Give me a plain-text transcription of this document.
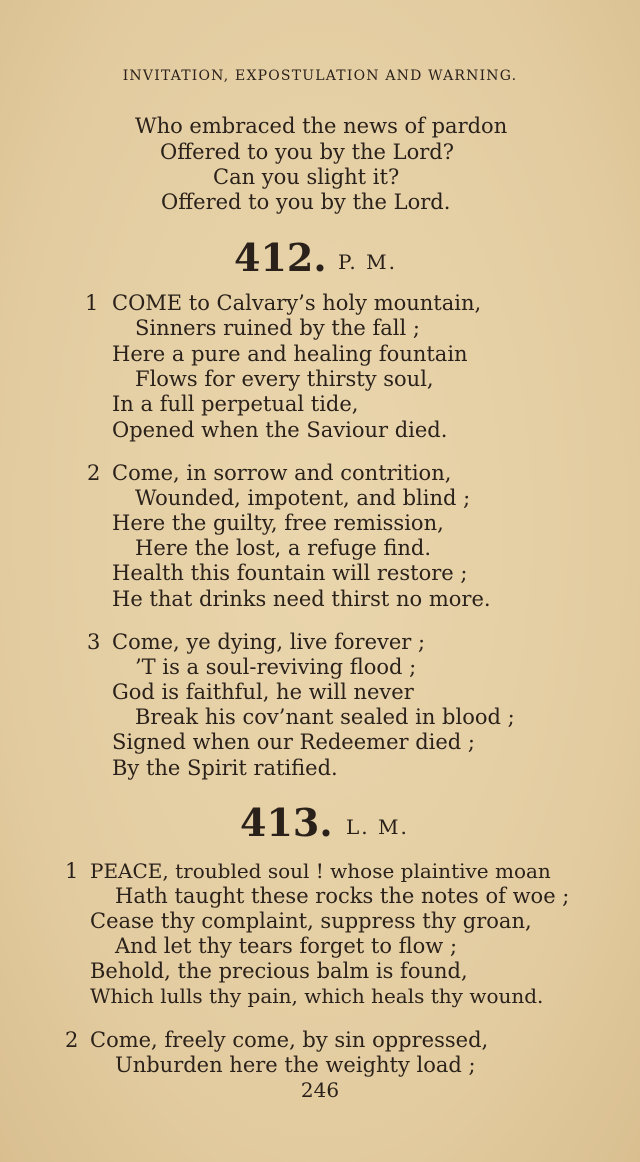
INVITATION, EXPOSTULATION AND WARNING.
Who embraced the news of pardon
Offered to you by the Lord?
Can you slight it?
Offered to you by the Lord.
412. P. M.
1 COME to Calvary’s holy mountain,
Sinners ruined by the fall ;
Here a pure and healing fountain
Flows for every thirsty soul,
In a full perpetual tide,
Opened when the Saviour died.
2 Come, in sorrow and contrition,
Wounded, impotent, and blind ;
Here the guilty, free remission,
Here the lost, a refuge find.
Health this fountain will restore ;
He that drinks need thirst no more.
3 Come, ye dying, live forever ;
’T is a soul-reviving flood ;
God is faithful, he will never
Break his cov’nant sealed in blood ;
Signed when our Redeemer died ;
By the Spirit ratified.
413. L. M.
1 PEACE, troubled soul ! whose plaintive moan
Hath taught these rocks the notes of woe ;
Cease thy complaint, suppress thy groan,
And let thy tears forget to flow ;
Behold, the precious balm is found,
Which lulls thy pain, which heals thy wound.
2 Come, freely come, by sin oppressed,
Unburden here the weighty load ;
246
